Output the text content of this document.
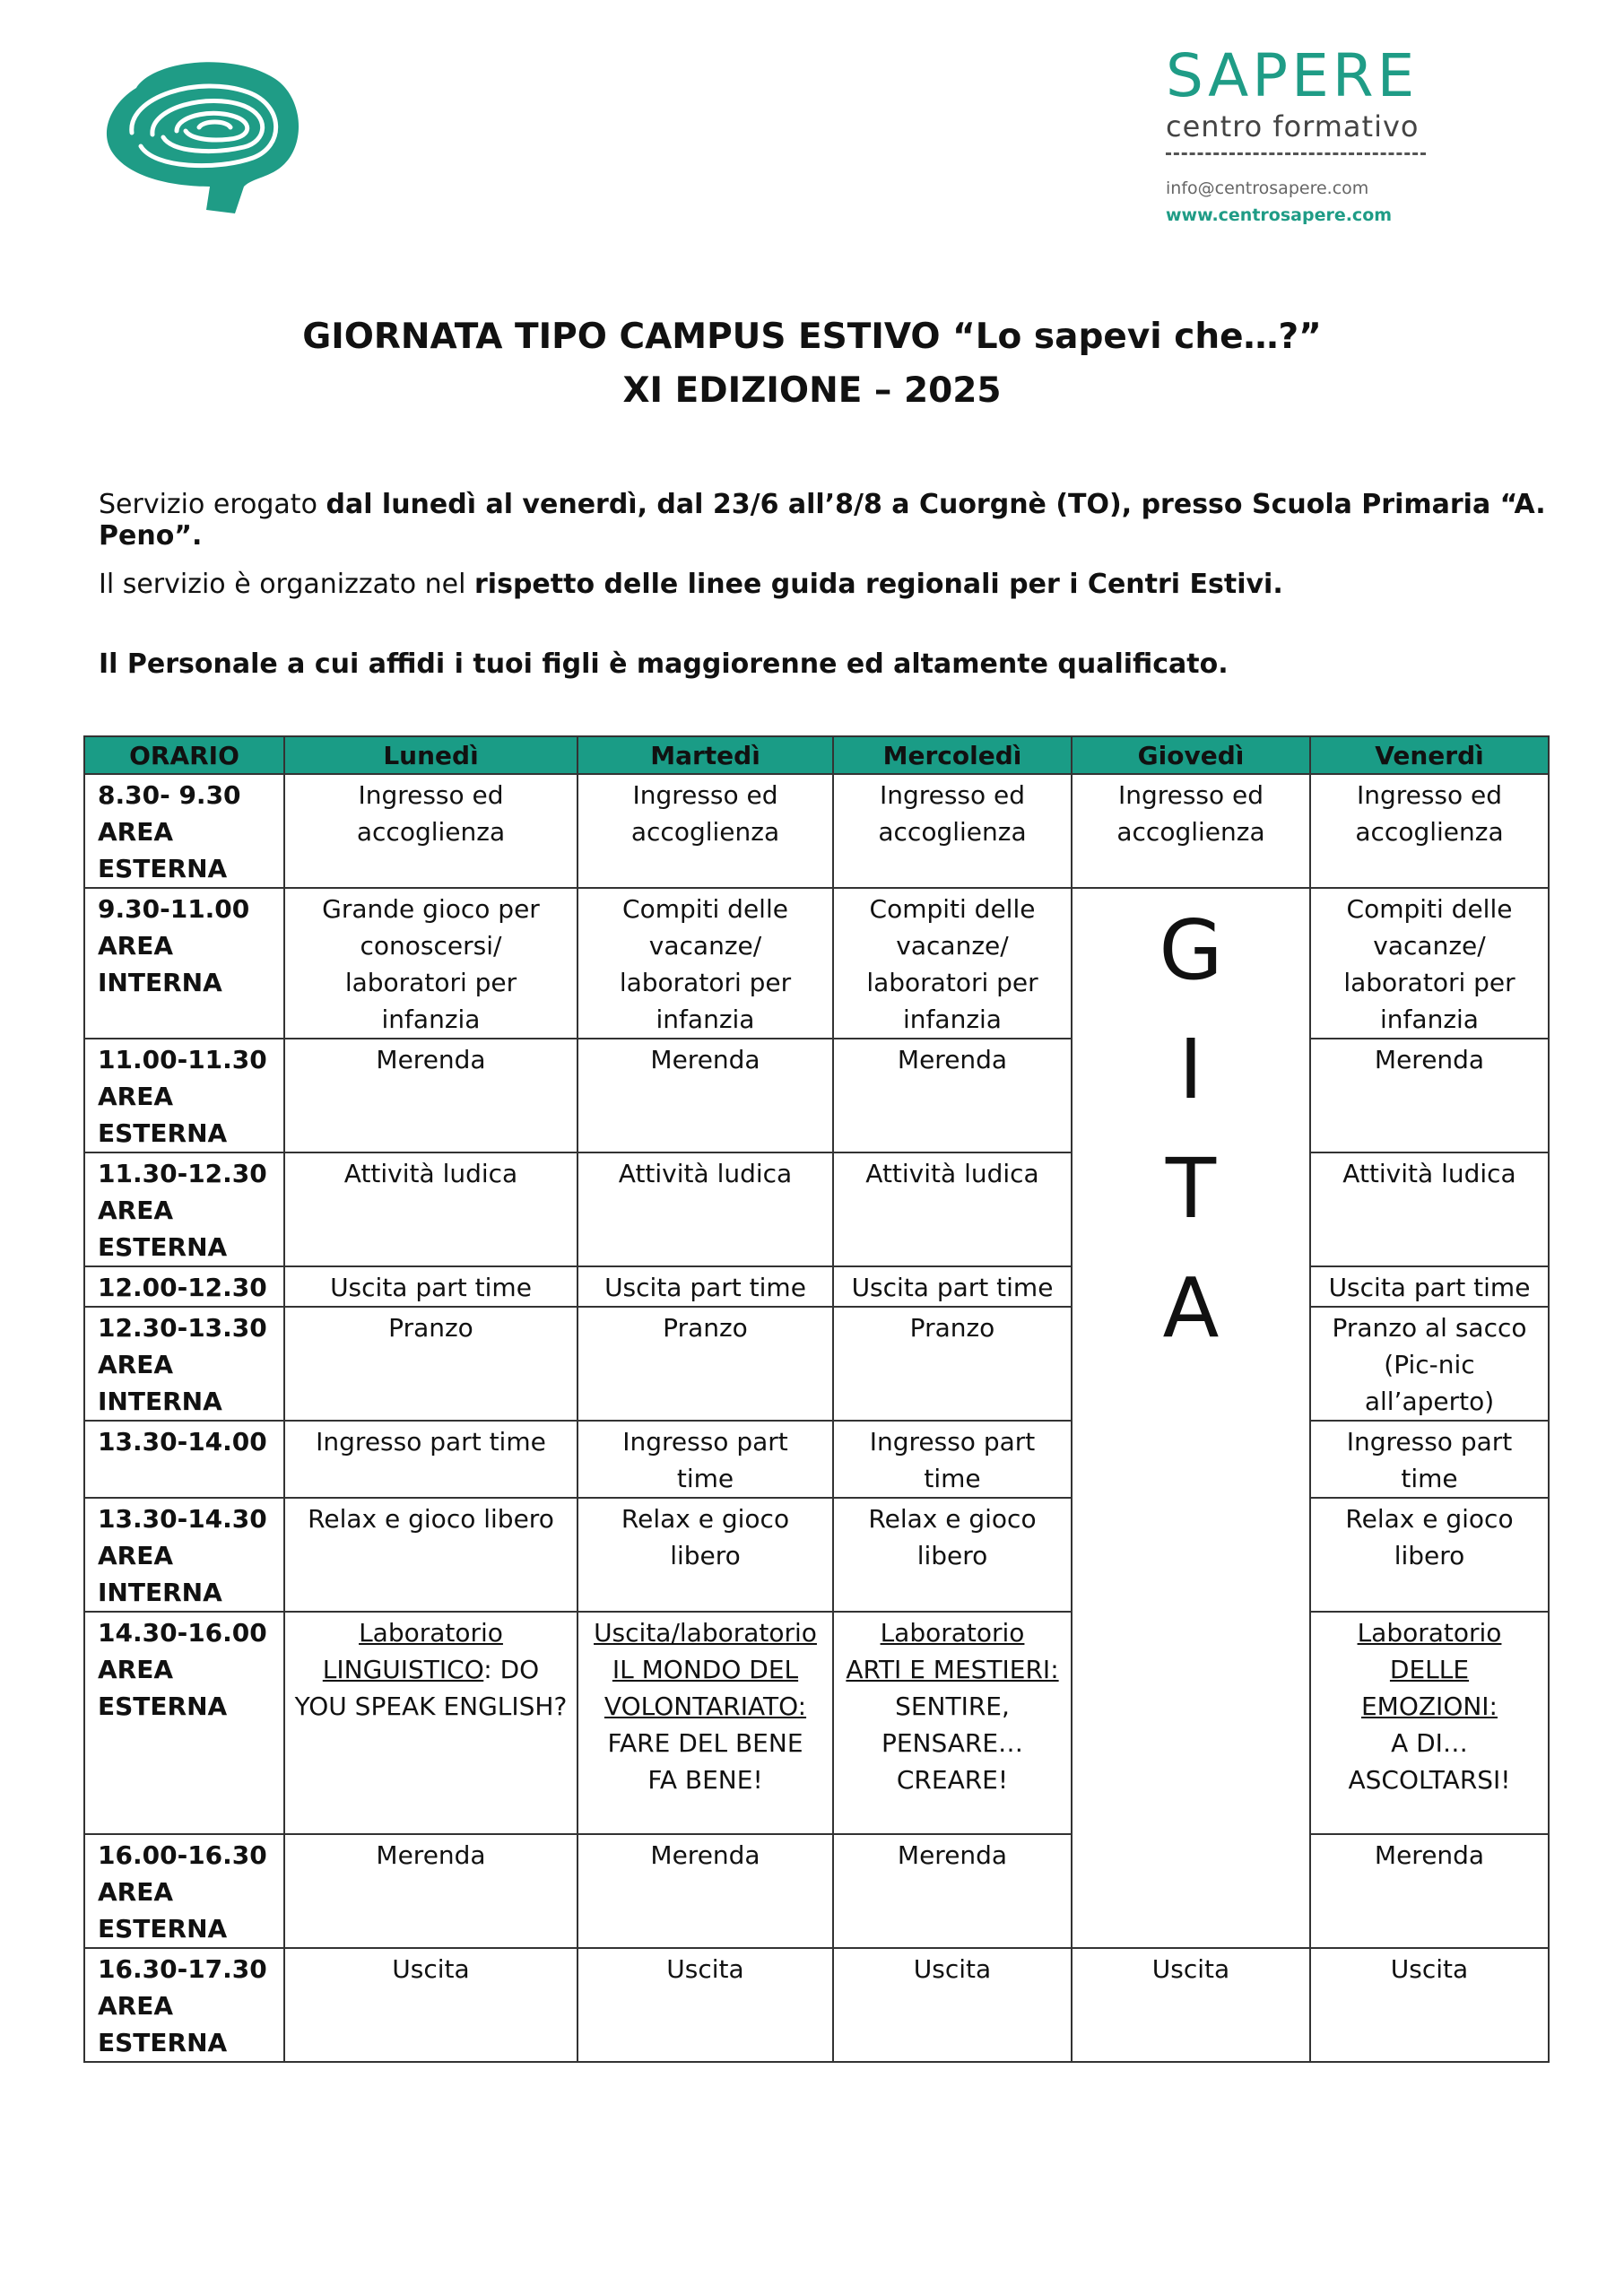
SAPERE
centro formativo
info@centrosapere.com
www.centrosapere.com
GIORNATA TIPO CAMPUS ESTIVO “Lo sapevi che…?”
XI EDIZIONE – 2025
Servizio erogato dal lunedì al venerdì, dal 23/6 all’8/8 a Cuorgnè (TO), presso Scuola Primaria “A. Peno”.
Il servizio è organizzato nel rispetto delle linee guida regionali per i Centri Estivi.
Il Personale a cui affidi i tuoi figli è maggiorenne ed altamente qualificato.
ORARIO	Lunedì	Martedì	Mercoledì	Giovedì	Venerdì

8.30- 9.30
AREA
ESTERNA	Ingresso ed
accoglienza	Ingresso ed
accoglienza	Ingresso ed
accoglienza	Ingresso ed
accoglienza	Ingresso ed
accoglienza

9.30-11.00
AREA
INTERNA	Grande gioco per
conoscersi/
laboratori per
infanzia	Compiti delle
vacanze/
laboratori per
infanzia	Compiti delle
vacanze/
laboratori per
infanzia	G
I
T
A	Compiti delle
vacanze/
laboratori per
infanzia

11.00-11.30
AREA
ESTERNA	Merenda	Merenda	Merenda		Merenda

11.30-12.30
AREA
ESTERNA	Attività ludica	Attività ludica	Attività ludica		Attività ludica

12.00-12.30	Uscita part time	Uscita part time	Uscita part time		Uscita part time

12.30-13.30
AREA
INTERNA	Pranzo	Pranzo	Pranzo		Pranzo al sacco
(Pic-nic
all’aperto)

13.30-14.00	Ingresso part time	Ingresso part
time	Ingresso part
time		Ingresso part
time

13.30-14.30
AREA
INTERNA	Relax e gioco libero	Relax e gioco
libero	Relax e gioco
libero		Relax e gioco
libero

14.30-16.00
AREA
ESTERNA	Laboratorio
LINGUISTICO: DO
YOU SPEAK ENGLISH?	Uscita/laboratorio
IL MONDO DEL
VOLONTARIATO:
FARE DEL BENE
FA BENE!	Laboratorio
ARTI E MESTIERI:
SENTIRE,
PENSARE…
CREARE!		Laboratorio
DELLE
EMOZIONI:
A DI…
ASCOLTARSI!

16.00-16.30
AREA
ESTERNA	Merenda	Merenda	Merenda		Merenda

16.30-17.30
AREA
ESTERNA	Uscita	Uscita	Uscita	Uscita	Uscita
